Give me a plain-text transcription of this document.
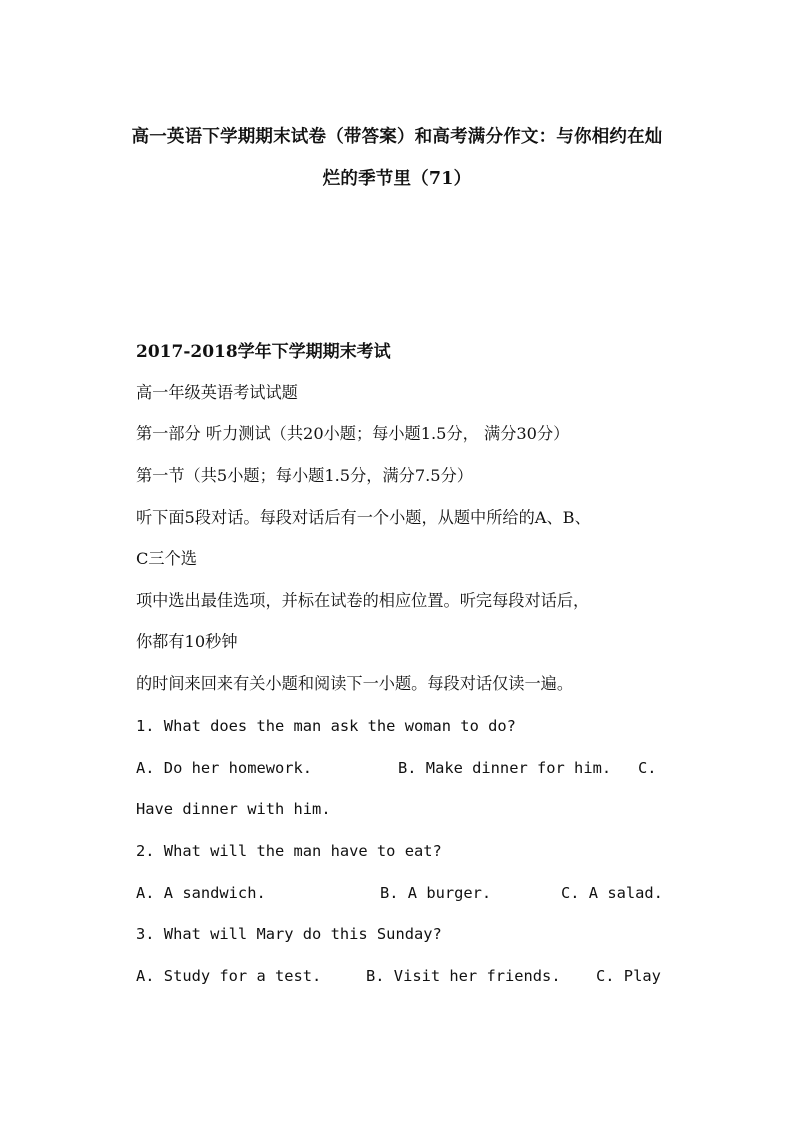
高一英语下学期期末试卷（带答案）和高考满分作文：与你相约在灿
烂的季节里（71）
2017-2018学年下学期期末考试
高一年级英语考试试题
第一部分 听力测试（共20小题；每小题1.5分， 满分30分）
第一节（共5小题；每小题1.5分，满分7.5分）
听下面5段对话。每段对话后有一个小题，从题中所给的A、B、
C三个选
项中选出最佳选项，并标在试卷的相应位置。听完每段对话后，
你都有10秒钟
的时间来回来有关小题和阅读下一小题。每段对话仅读一遍。
1. What does the man ask the woman to do?
A. Do her homework.	B. Make dinner for him. C.
Have dinner with him.
2. What will the man have to eat?
A. A sandwich.	B. A burger.	C. A salad.
3. What will Mary do this Sunday?
A. Study for a test.	B. Visit her friends. C. Play
